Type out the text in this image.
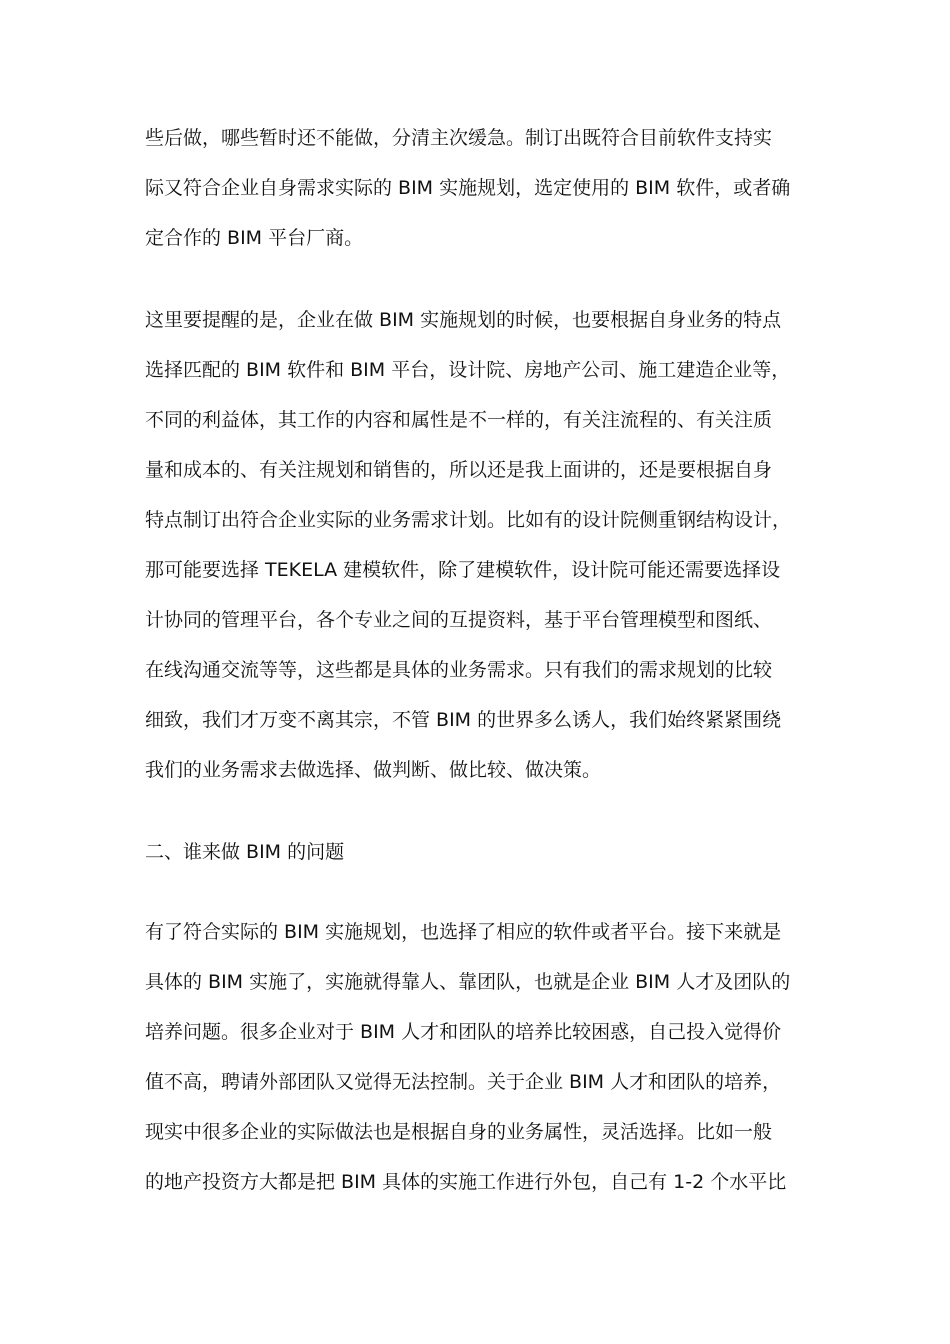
些后做，哪些暂时还不能做，分清主次缓急。制订出既符合目前软件支持实
际又符合企业自身需求实际的 BIM 实施规划，选定使用的 BIM 软件，或者确
定合作的 BIM 平台厂商。
这里要提醒的是，企业在做 BIM 实施规划的时候，也要根据自身业务的特点
选择匹配的 BIM 软件和 BIM 平台，设计院、房地产公司、施工建造企业等，
不同的利益体，其工作的内容和属性是不一样的，有关注流程的、有关注质
量和成本的、有关注规划和销售的，所以还是我上面讲的，还是要根据自身
特点制订出符合企业实际的业务需求计划。比如有的设计院侧重钢结构设计，
那可能要选择 TEKELA 建模软件，除了建模软件，设计院可能还需要选择设
计协同的管理平台，各个专业之间的互提资料，基于平台管理模型和图纸、
在线沟通交流等等，这些都是具体的业务需求。只有我们的需求规划的比较
细致，我们才万变不离其宗，不管 BIM 的世界多么诱人，我们始终紧紧围绕
我们的业务需求去做选择、做判断、做比较、做决策。
二、谁来做 BIM 的问题
有了符合实际的 BIM 实施规划，也选择了相应的软件或者平台。接下来就是
具体的 BIM 实施了，实施就得靠人、靠团队，也就是企业 BIM 人才及团队的
培养问题。很多企业对于 BIM 人才和团队的培养比较困惑，自己投入觉得价
值不高，聘请外部团队又觉得无法控制。关于企业 BIM 人才和团队的培养，
现实中很多企业的实际做法也是根据自身的业务属性，灵活选择。比如一般
的地产投资方大都是把 BIM 具体的实施工作进行外包，自己有 1-2 个水平比
